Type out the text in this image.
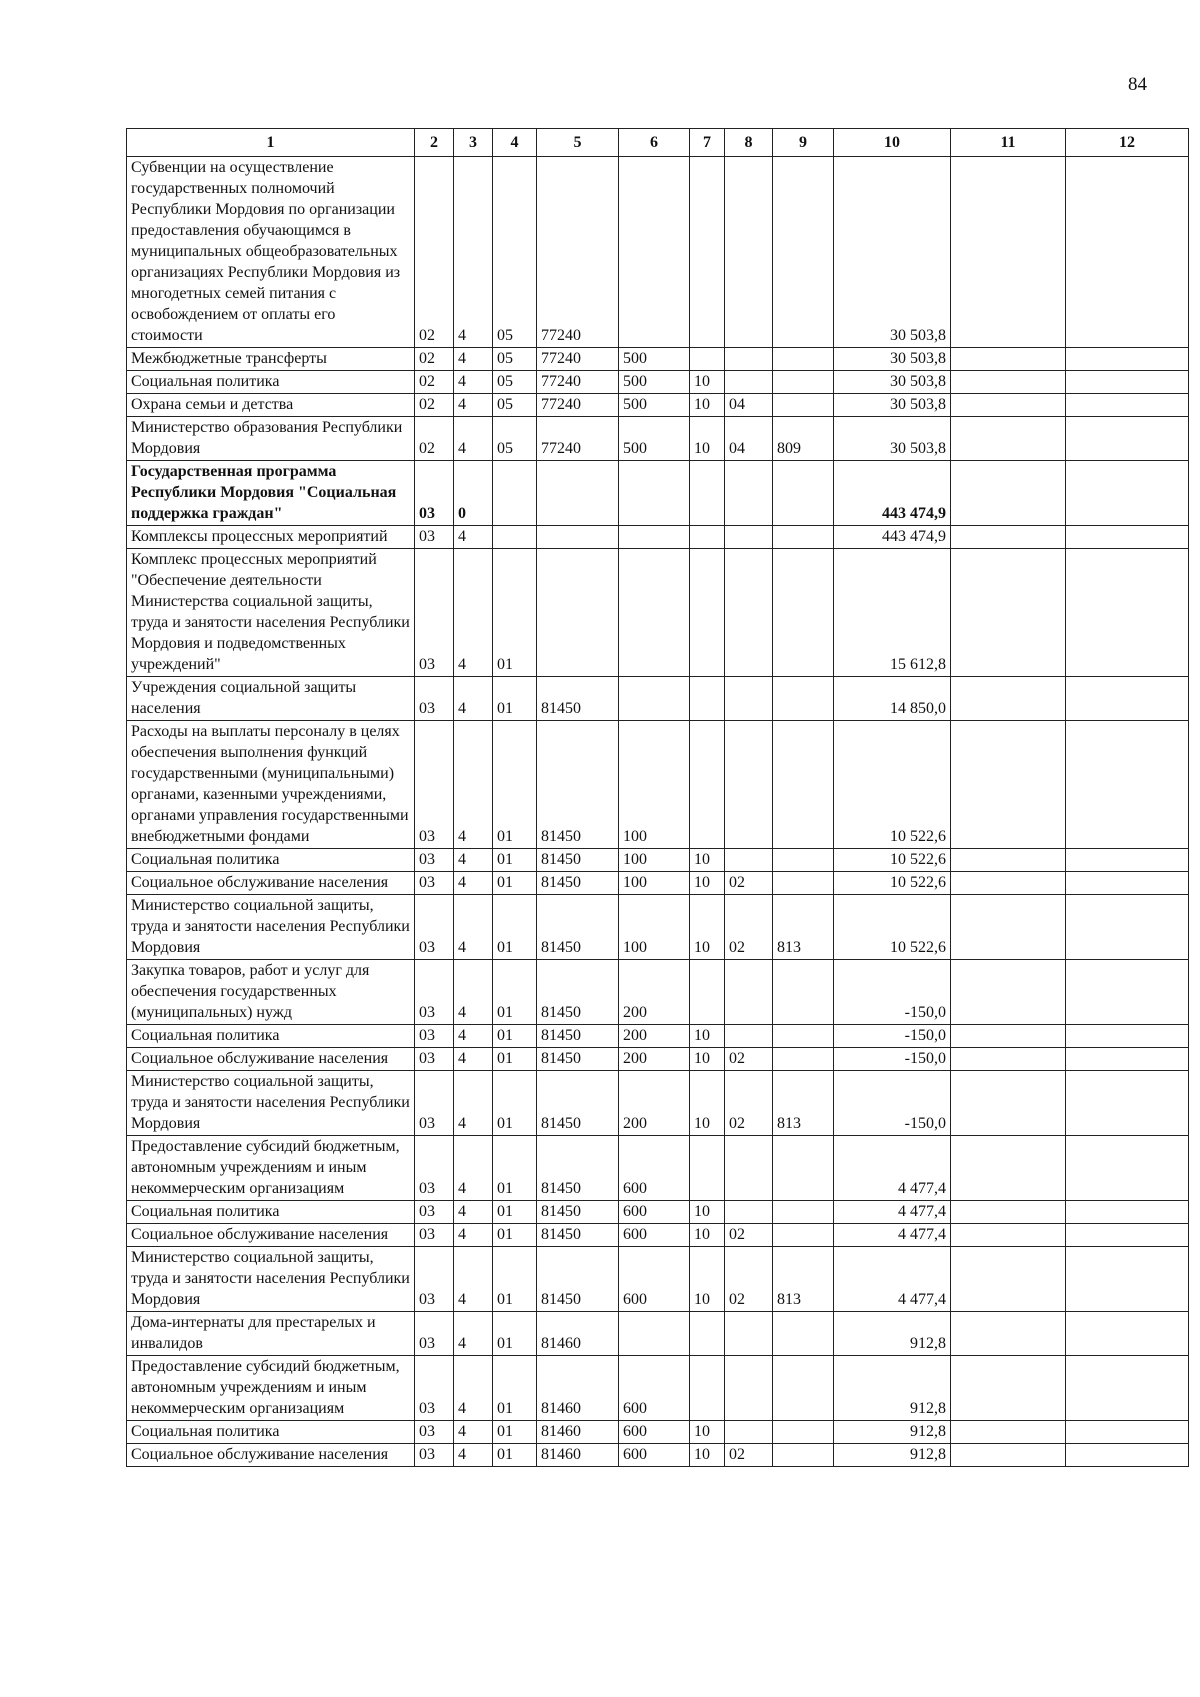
84
1	2	3	4	5	6	7	8	9	10	11	12
Субвенции на осуществление государственных полномочий Республики Мордовия по организации предоставления обучающимся в муниципальных общеобразовательных организациях Республики Мордовия из многодетных семей питания с освобождением от оплаты его стоимости	02	4	05	77240					30 503,8		
Межбюджетные трансферты	02	4	05	77240	500				30 503,8		
Социальная политика	02	4	05	77240	500	10			30 503,8		
Охрана семьи и детства	02	4	05	77240	500	10	04		30 503,8		
Министерство образования Республики Мордовия	02	4	05	77240	500	10	04	809	30 503,8		
Государственная программа Республики Мордовия "Социальная поддержка граждан"	03	0							443 474,9		
Комплексы процессных мероприятий	03	4							443 474,9		
Комплекс процессных мероприятий "Обеспечение деятельности Министерства социальной защиты, труда и занятости населения Республики Мордовия и подведомственных учреждений"	03	4	01						15 612,8		
Учреждения социальной защиты населения	03	4	01	81450					14 850,0		
Расходы на выплаты персоналу в целях обеспечения выполнения функций государственными (муниципальными) органами, казенными учреждениями, органами управления государственными внебюджетными фондами	03	4	01	81450	100				10 522,6		
Социальная политика	03	4	01	81450	100	10			10 522,6		
Социальное обслуживание населения	03	4	01	81450	100	10	02		10 522,6		
Министерство социальной защиты, труда и занятости населения Республики Мордовия	03	4	01	81450	100	10	02	813	10 522,6		
Закупка товаров, работ и услуг для обеспечения государственных (муниципальных) нужд	03	4	01	81450	200				-150,0		
Социальная политика	03	4	01	81450	200	10			-150,0		
Социальное обслуживание населения	03	4	01	81450	200	10	02		-150,0		
Министерство социальной защиты, труда и занятости населения Республики Мордовия	03	4	01	81450	200	10	02	813	-150,0		
Предоставление субсидий бюджетным, автономным учреждениям и иным некоммерческим организациям	03	4	01	81450	600				4 477,4		
Социальная политика	03	4	01	81450	600	10			4 477,4		
Социальное обслуживание населения	03	4	01	81450	600	10	02		4 477,4		
Министерство социальной защиты, труда и занятости населения Республики Мордовия	03	4	01	81450	600	10	02	813	4 477,4		
Дома-интернаты для престарелых и инвалидов	03	4	01	81460					912,8		
Предоставление субсидий бюджетным, автономным учреждениям и иным некоммерческим организациям	03	4	01	81460	600				912,8		
Социальная политика	03	4	01	81460	600	10			912,8		
Социальное обслуживание населения	03	4	01	81460	600	10	02		912,8		
